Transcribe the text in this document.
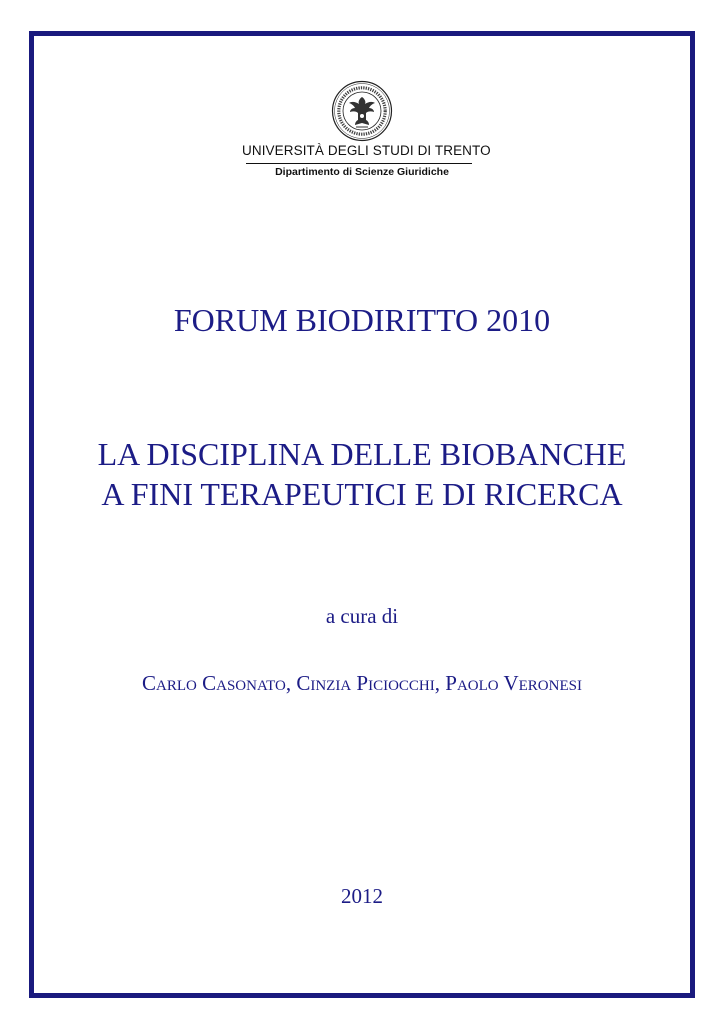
UNIVERSITÀ DEGLI STUDI DI TRENTO
Dipartimento di Scienze Giuridiche
FORUM BIODIRITTO 2010
LA DISCIPLINA DELLE BIOBANCHE
A FINI TERAPEUTICI E DI RICERCA
a cura di
Carlo Casonato, Cinzia Piciocchi, Paolo Veronesi
2012
